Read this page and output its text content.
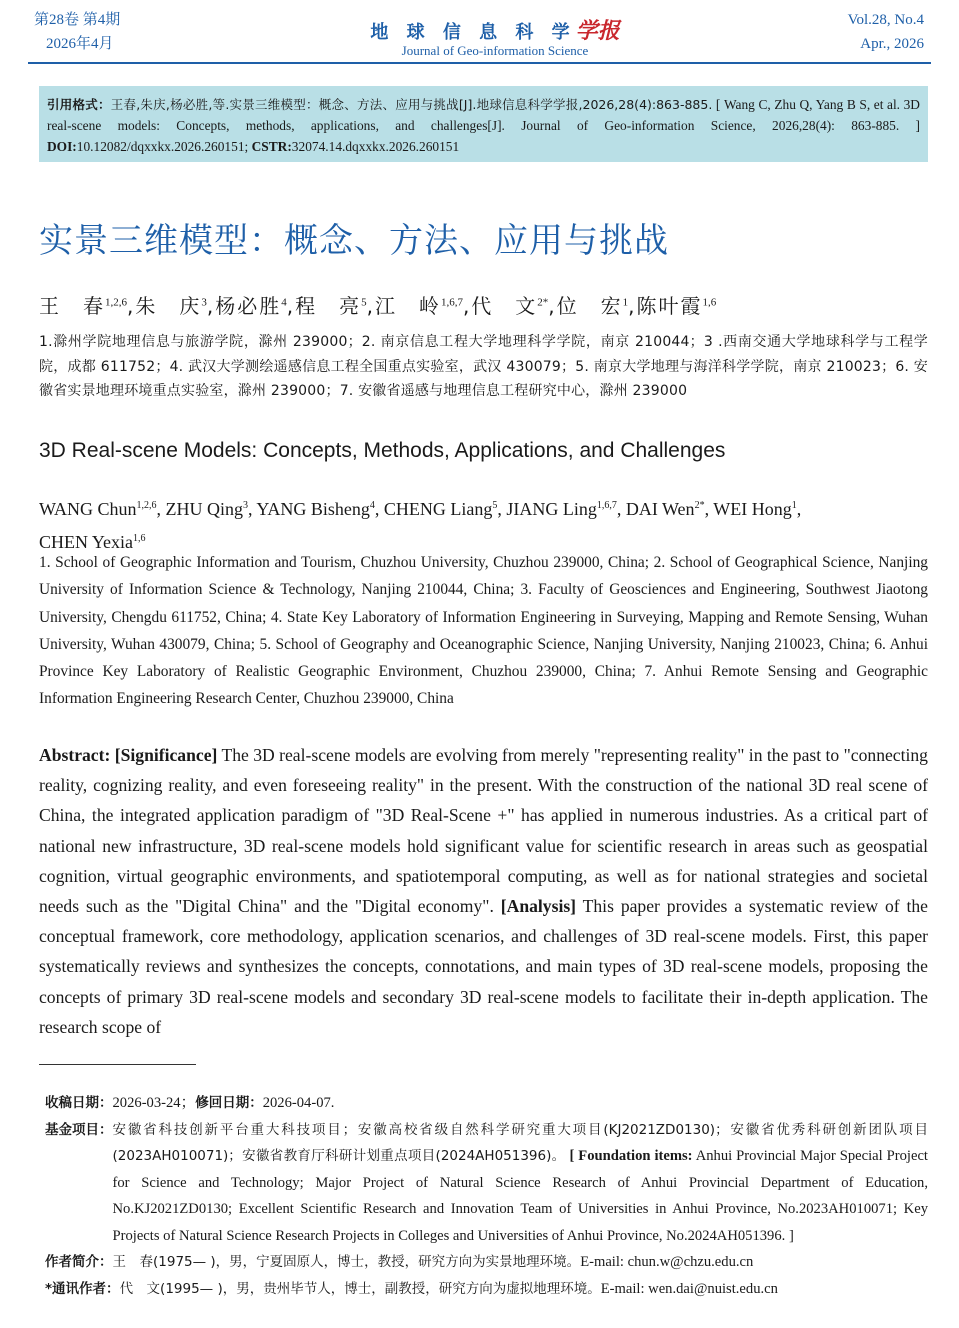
第28卷 第4期
2026年4月
地 球 信 息 科 学学报
Journal of Geo-information Science
Vol.28, No.4
Apr., 2026
引用格式：王春,朱庆,杨必胜,等.实景三维模型：概念、方法、应用与挑战[J].地球信息科学学报,2026,28(4):863-885. [ Wang C, Zhu Q, Yang B S, et al. 3D real-scene models: Concepts, methods, applications, and challenges[J]. Journal of Geo-information Science, 2026,28(4): 863-885. ] DOI:10.12082/dqxxkx.2026.260151; CSTR:32074.14.dqxxkx.2026.260151
实景三维模型：概念、方法、应用与挑战
王　春$^{1,2,6}$,朱　庆$^3$,杨必胜$^4$,程　亮$^5$,江　岭$^{1,6,7}$,代　文$^{2*}$,位　宏$^1$,陈叶霞$^{1,6}$
1.滁州学院地理信息与旅游学院，滁州 239000；2. 南京信息工程大学地理科学学院，南京 210044；3 .西南交通大学地球科学与工程学院，成都 611752；4. 武汉大学测绘遥感信息工程全国重点实验室，武汉 430079；5. 南京大学地理与海洋科学学院，南京 210023；6. 安徽省实景地理环境重点实验室，滁州 239000；7. 安徽省遥感与地理信息工程研究中心，滁州 239000
3D Real-scene Models: Concepts, Methods, Applications, and Challenges
WANG Chun$^{1,2,6}$, ZHU Qing$^3$, YANG Bisheng$^4$, CHENG Liang$^5$, JIANG Ling$^{1,6,7}$, DAI Wen$^{2*}$, WEI Hong$^1$,
CHEN Yexia$^{1,6}$
1. School of Geographic Information and Tourism, Chuzhou University, Chuzhou 239000, China; 2. School of Geographical Science, Nanjing University of Information Science & Technology, Nanjing 210044, China; 3. Faculty of Geosciences and Engineering, Southwest Jiaotong University, Chengdu 611752, China; 4. State Key Laboratory of Information Engineering in Surveying, Mapping and Remote Sensing, Wuhan University, Wuhan 430079, China; 5. School of Geography and Oceanographic Science, Nanjing University, Nanjing 210023, China; 6. Anhui Province Key Laboratory of Realistic Geographic Environment, Chuzhou 239000, China; 7. Anhui Remote Sensing and Geographic Information Engineering Research Center, Chuzhou 239000, China
Abstract: [Significance] The 3D real-scene models are evolving from merely "representing reality" in the past to "connecting reality, cognizing reality, and even foreseeing reality" in the present. With the construction of the national 3D real scene of China, the integrated application paradigm of "3D Real-Scene +" has applied in numerous industries. As a critical part of national new infrastructure, 3D real-scene models hold significant value for scientific research in areas such as geospatial cognition, virtual geographic environments, and spatiotemporal computing, as well as for national strategies and societal needs such as the "Digital China" and the "Digital economy". [Analysis] This paper provides a systematic review of the conceptual framework, core methodology, application scenarios, and challenges of 3D real-scene models. First, this paper systematically reviews and synthesizes the concepts, connotations, and main types of 3D real-scene models, proposing the concepts of primary 3D real-scene models and secondary 3D real-scene models to facilitate their in-depth application. The research scope of
收稿日期：2026-03-24；修回日期：2026-04-07.
基金项目： 安徽省科技创新平台重大科技项目；安徽高校省级自然科学研究重大项目(KJ2021ZD0130)；安徽省优秀科研创新团队项目(2023AH010071)；安徽省教育厅科研计划重点项目(2024AH051396)。 [ Foundation items: Anhui Provincial Major Special Project for Science and Technology; Major Project of Natural Science Research of Anhui Provincial Department of Education, No.KJ2021ZD0130; Excellent Scientific Research and Innovation Team of Universities in Anhui Province, No.2023AH010071; Key Projects of Natural Science Research Projects in Colleges and Universities of Anhui Province, No.2024AH051396. ]
作者简介：王　春(1975— )，男，宁夏固原人，博士，教授，研究方向为实景地理环境。E-mail: chun.w@chzu.edu.cn
*通讯作者：代　文(1995— )，男，贵州毕节人，博士，副教授，研究方向为虚拟地理环境。E-mail: wen.dai@nuist.edu.cn
